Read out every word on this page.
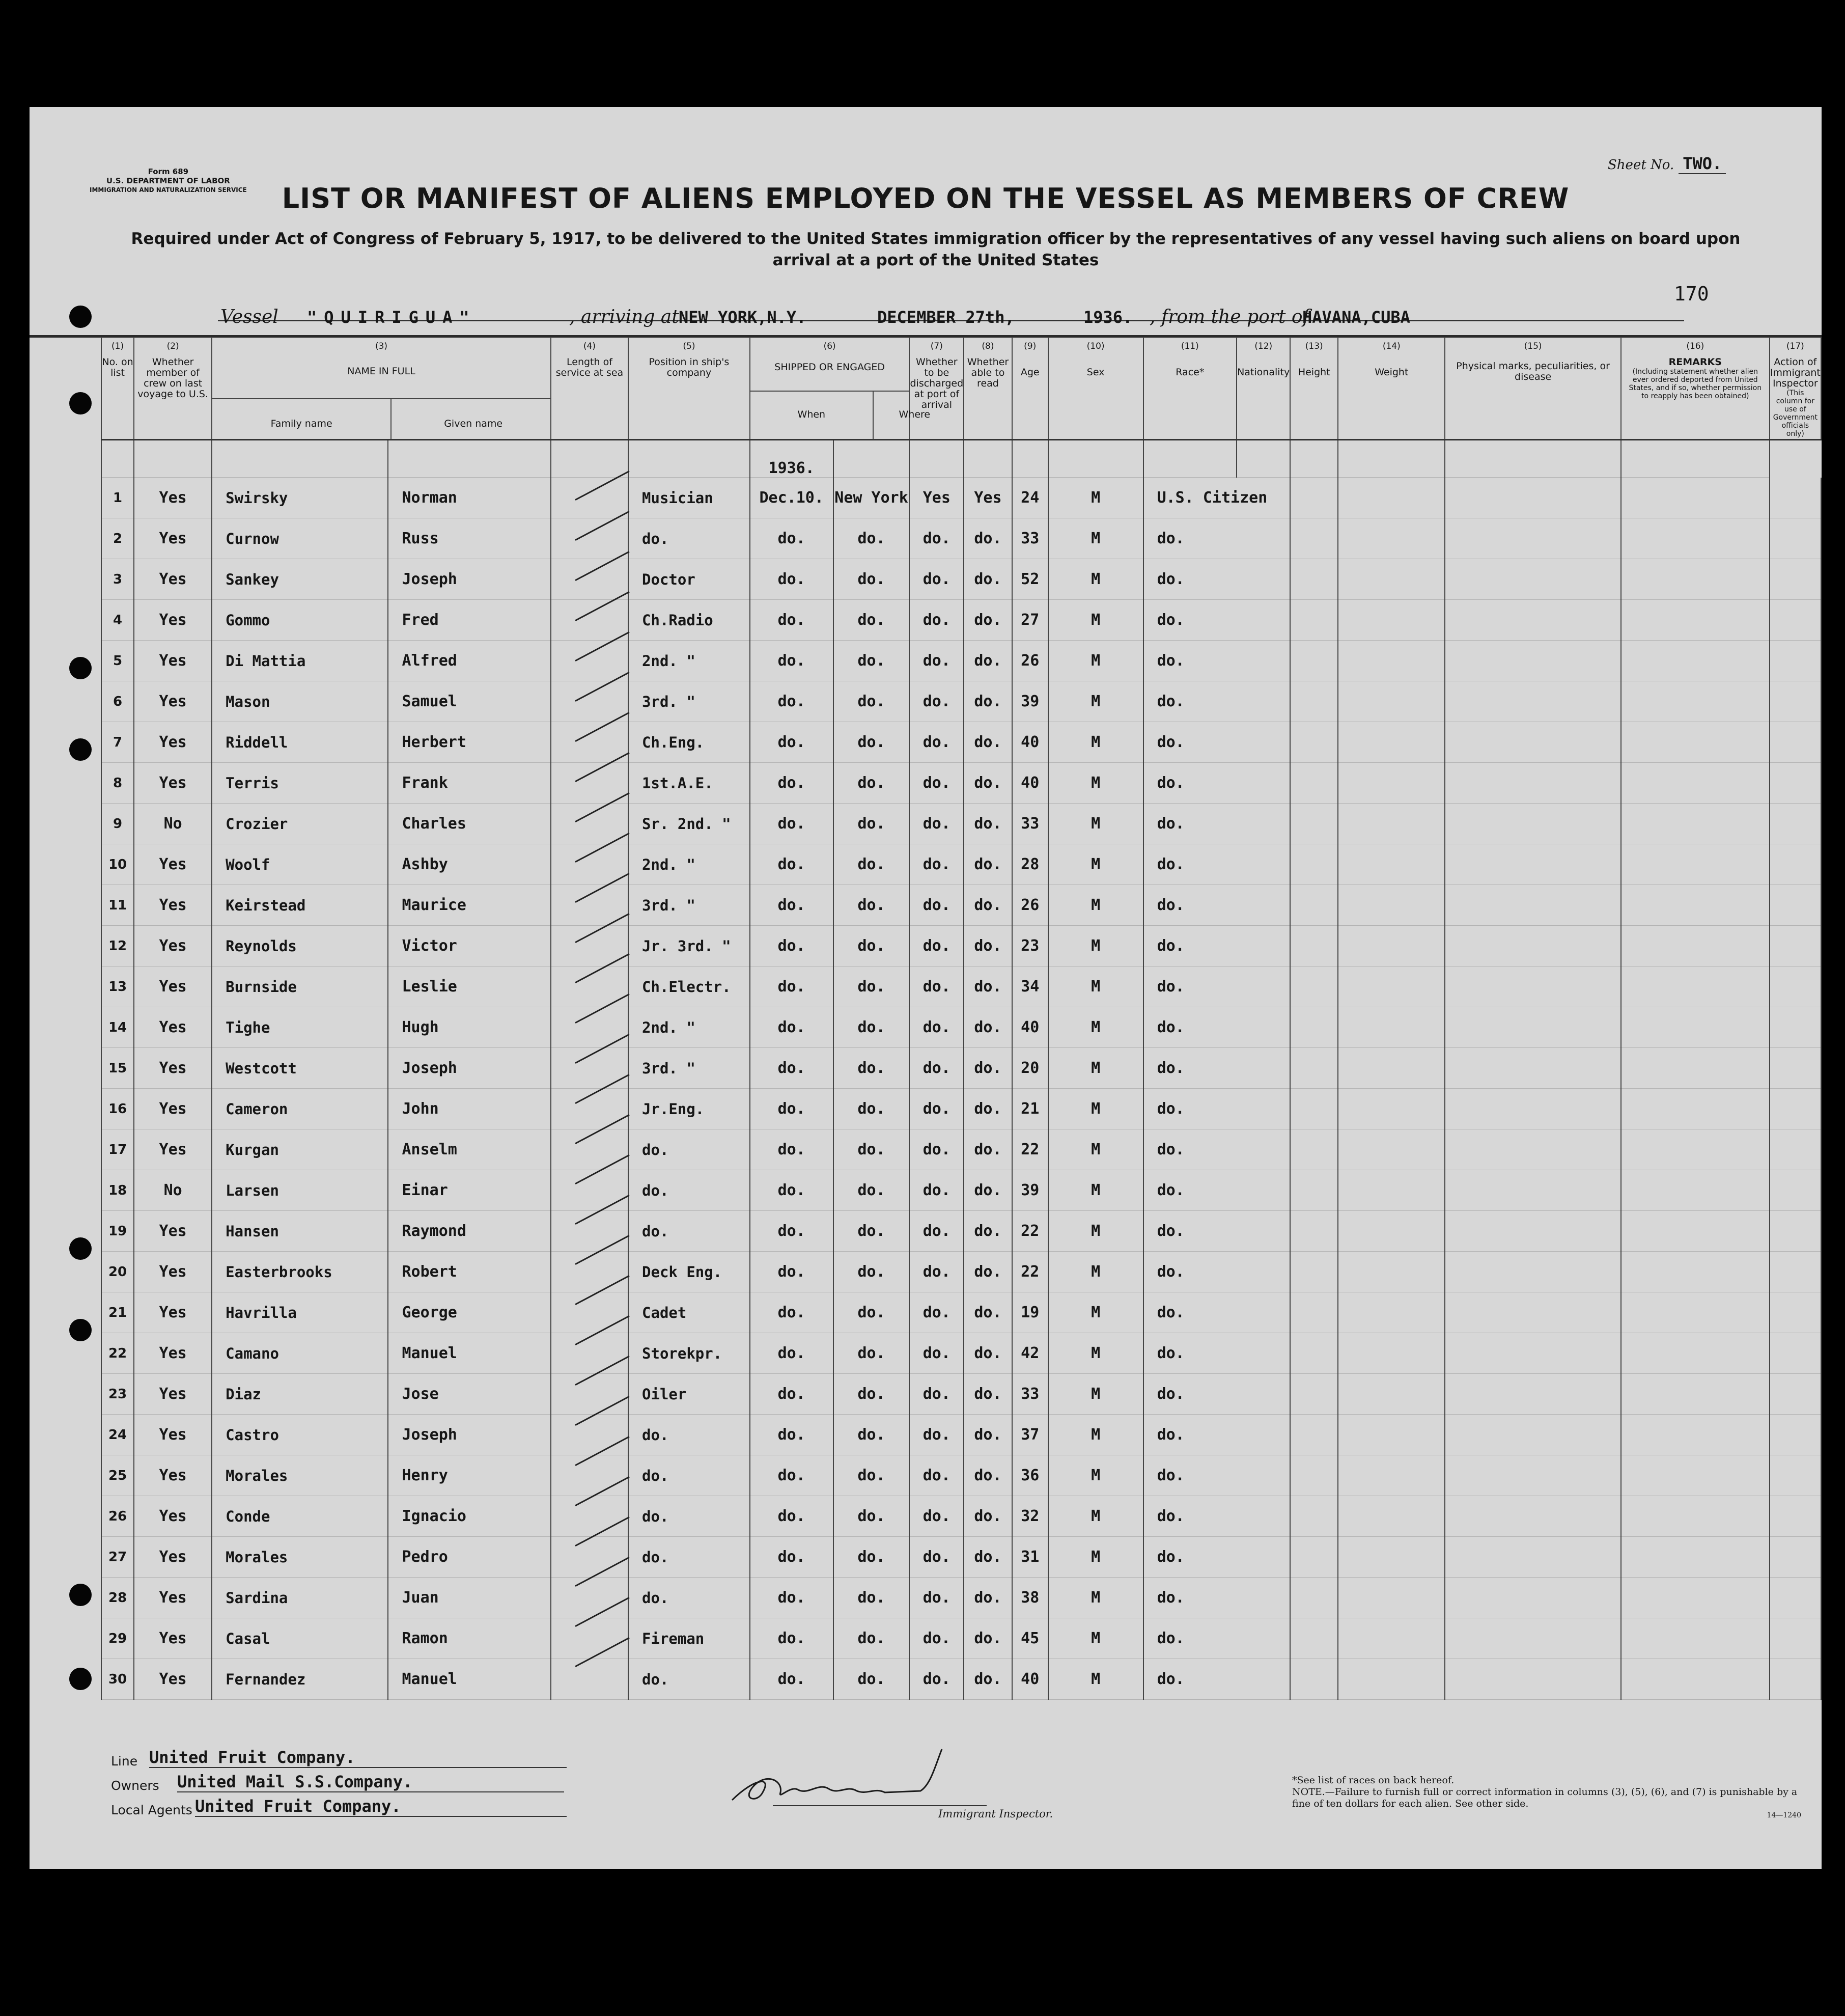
Form 689
U.S. DEPARTMENT OF LABOR
IMMIGRATION AND NATURALIZATION SERVICE
Sheet No. TWO.
LIST OR MANIFEST OF ALIENS EMPLOYED ON THE VESSEL AS MEMBERS OF CREW
Required under Act of Congress of February 5, 1917, to be delivered to the United States immigration officer by the representatives of any vessel having such aliens on board upon arrival at a port of the United States
170
Vessel "QUIRIGUA"	, arriving at NEW YORK,N.Y.	DECEMBER 27th,	1936. , from the port of
HAVANA,CUBA
(1)
No. on list	(2)
Whether member of crew on last voyage to U.S.	(3)
NAME IN FULL
Family name Given name		(4)
Length of service at sea	(5)
Position in ship's company	(6)
SHIPPED OR ENGAGED
When Where		(7)
Whether to be discharged at port of arrival	(8)
Whether able to read	(9)
Age	(10)
Sex	(11)
Race*	(12)
Nationality	(13)
Height	(14)
Weight	(15)
Physical marks, peculiarities, or disease	(16)
REMARKS
(Including statement whether alien ever ordered deported from United States, and if so, whether permission to reapply has been obtained)	(17)
Action of Immigrant Inspector
(This column for use of Government officials only)

						1936.												
1	Yes	Swirsky	Norman		Musician	Dec.10.	New York	Yes	Yes	24	M	U.S. Citizen						
2	Yes	Curnow	Russ		do.	do.	do.	do.	do.	33	M	do.						
3	Yes	Sankey	Joseph		Doctor	do.	do.	do.	do.	52	M	do.						
4	Yes	Gommo	Fred		Ch.Radio	do.	do.	do.	do.	27	M	do.						
5	Yes	Di Mattia	Alfred		2nd. "	do.	do.	do.	do.	26	M	do.						
6	Yes	Mason	Samuel		3rd. "	do.	do.	do.	do.	39	M	do.						
7	Yes	Riddell	Herbert		Ch.Eng.	do.	do.	do.	do.	40	M	do.						
8	Yes	Terris	Frank		1st.A.E.	do.	do.	do.	do.	40	M	do.						
9	No	Crozier	Charles		Sr. 2nd. "	do.	do.	do.	do.	33	M	do.						
10	Yes	Woolf	Ashby		2nd. "	do.	do.	do.	do.	28	M	do.						
11	Yes	Keirstead	Maurice		3rd. "	do.	do.	do.	do.	26	M	do.						
12	Yes	Reynolds	Victor		Jr. 3rd. "	do.	do.	do.	do.	23	M	do.						
13	Yes	Burnside	Leslie		Ch.Electr.	do.	do.	do.	do.	34	M	do.						
14	Yes	Tighe	Hugh		2nd. "	do.	do.	do.	do.	40	M	do.						
15	Yes	Westcott	Joseph		3rd. "	do.	do.	do.	do.	20	M	do.						
16	Yes	Cameron	John		Jr.Eng.	do.	do.	do.	do.	21	M	do.						
17	Yes	Kurgan	Anselm		do.	do.	do.	do.	do.	22	M	do.						
18	No	Larsen	Einar		do.	do.	do.	do.	do.	39	M	do.						
19	Yes	Hansen	Raymond		do.	do.	do.	do.	do.	22	M	do.						
20	Yes	Easterbrooks	Robert		Deck Eng.	do.	do.	do.	do.	22	M	do.						
21	Yes	Havrilla	George		Cadet	do.	do.	do.	do.	19	M	do.						
22	Yes	Camano	Manuel		Storekpr.	do.	do.	do.	do.	42	M	do.						
23	Yes	Diaz	Jose		Oiler	do.	do.	do.	do.	33	M	do.						
24	Yes	Castro	Joseph		do.	do.	do.	do.	do.	37	M	do.						
25	Yes	Morales	Henry		do.	do.	do.	do.	do.	36	M	do.						
26	Yes	Conde	Ignacio		do.	do.	do.	do.	do.	32	M	do.						
27	Yes	Morales	Pedro		do.	do.	do.	do.	do.	31	M	do.						
28	Yes	Sardina	Juan		do.	do.	do.	do.	do.	38	M	do.						
29	Yes	Casal	Ramon		Fireman	do.	do.	do.	do.	45	M	do.						
30	Yes	Fernandez	Manuel		do.	do.	do.	do.	do.	40	M	do.						
Line United Fruit Company.
Owners United Mail S.S.Company.
Local Agents United Fruit Company.	Immigrant Inspector.
*See list of races on back hereof.
NOTE.—Failure to furnish full or correct information in columns (3), (5), (6), and (7) is punishable by a fine of ten dollars for each alien. See other side.
14—1240
